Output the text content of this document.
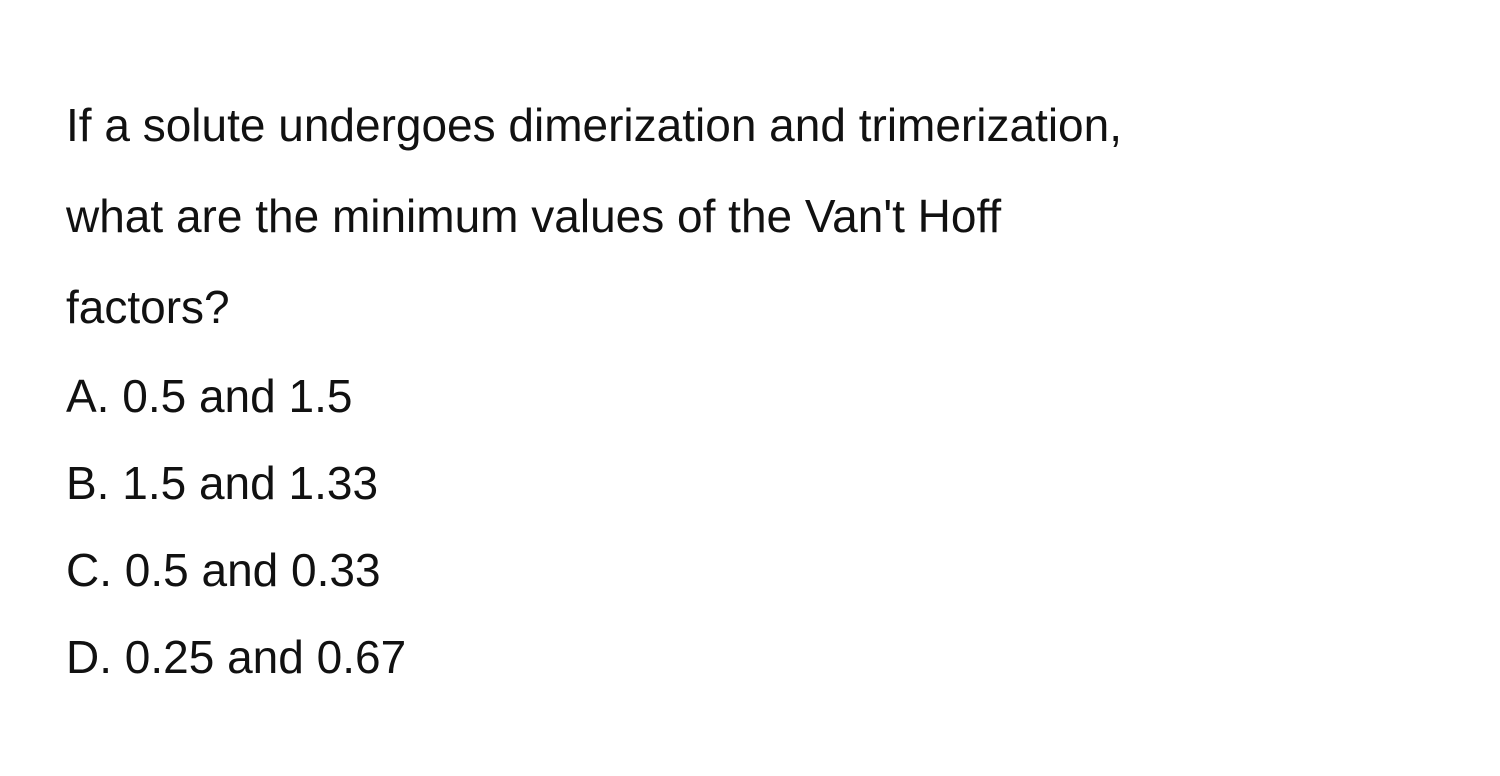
If a solute undergoes dimerization and trimerization,
what are the minimum values of the Van't Hoff
factors?

A. 0.5 and 1.5
B. 1.5 and 1.33
C. 0.5 and 0.33
D. 0.25 and 0.67
